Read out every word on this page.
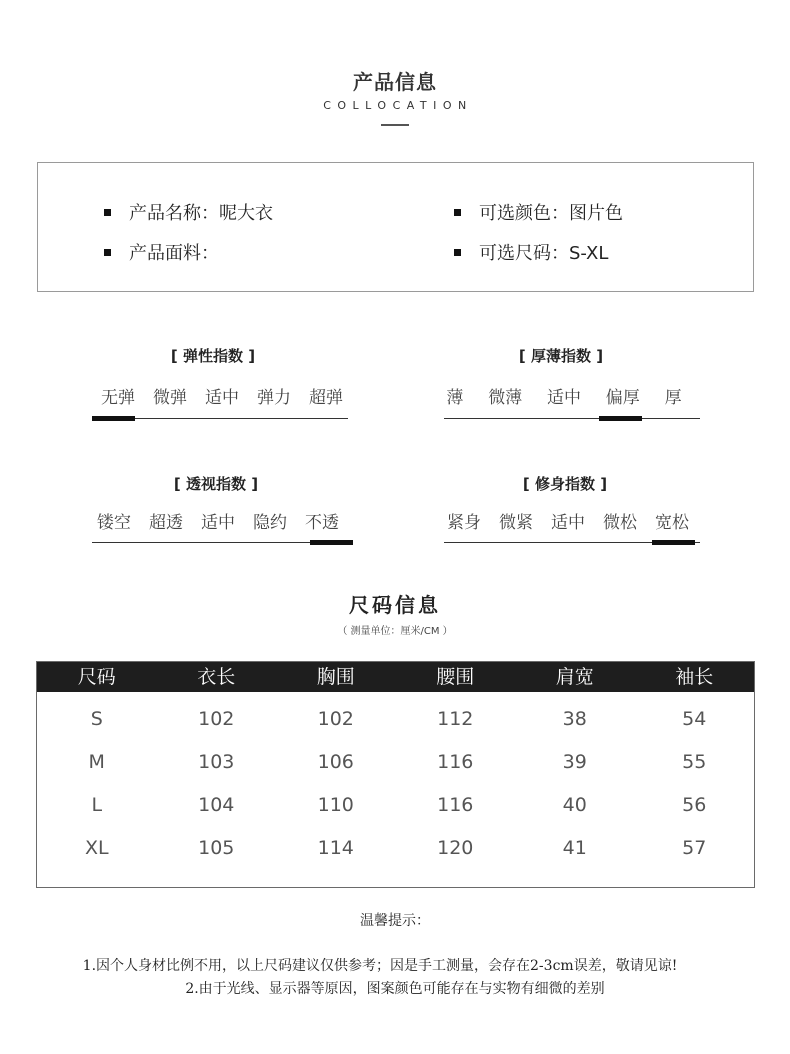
产品信息
COLLOCATION
产品名称：呢大衣
产品面料：
可选颜色：图片色
可选尺码：S-XL
[ 弹性指数 ]
无弹 微弹 适中 弹力 超弹
[ 厚薄指数 ]
薄 微薄 适中 偏厚 厚
[ 透视指数 ]
镂空 超透 适中 隐约 不透
[ 修身指数 ]
紧身 微紧 适中 微松 宽松
尺码信息
（ 测量单位：厘米/CM ）
尺码	衣长	胸围	腰围	肩宽	袖长
S	102	102	112	38	54
M	103	106	116	39	55
L	104	110	116	40	56
XL	105	114	120	41	57
温馨提示：
1.因个人身材比例不用，以上尺码建议仅供参考；因是手工测量，会存在2-3cm误差，敬请见谅!
2.由于光线、显示器等原因，图案颜色可能存在与实物有细微的差别
